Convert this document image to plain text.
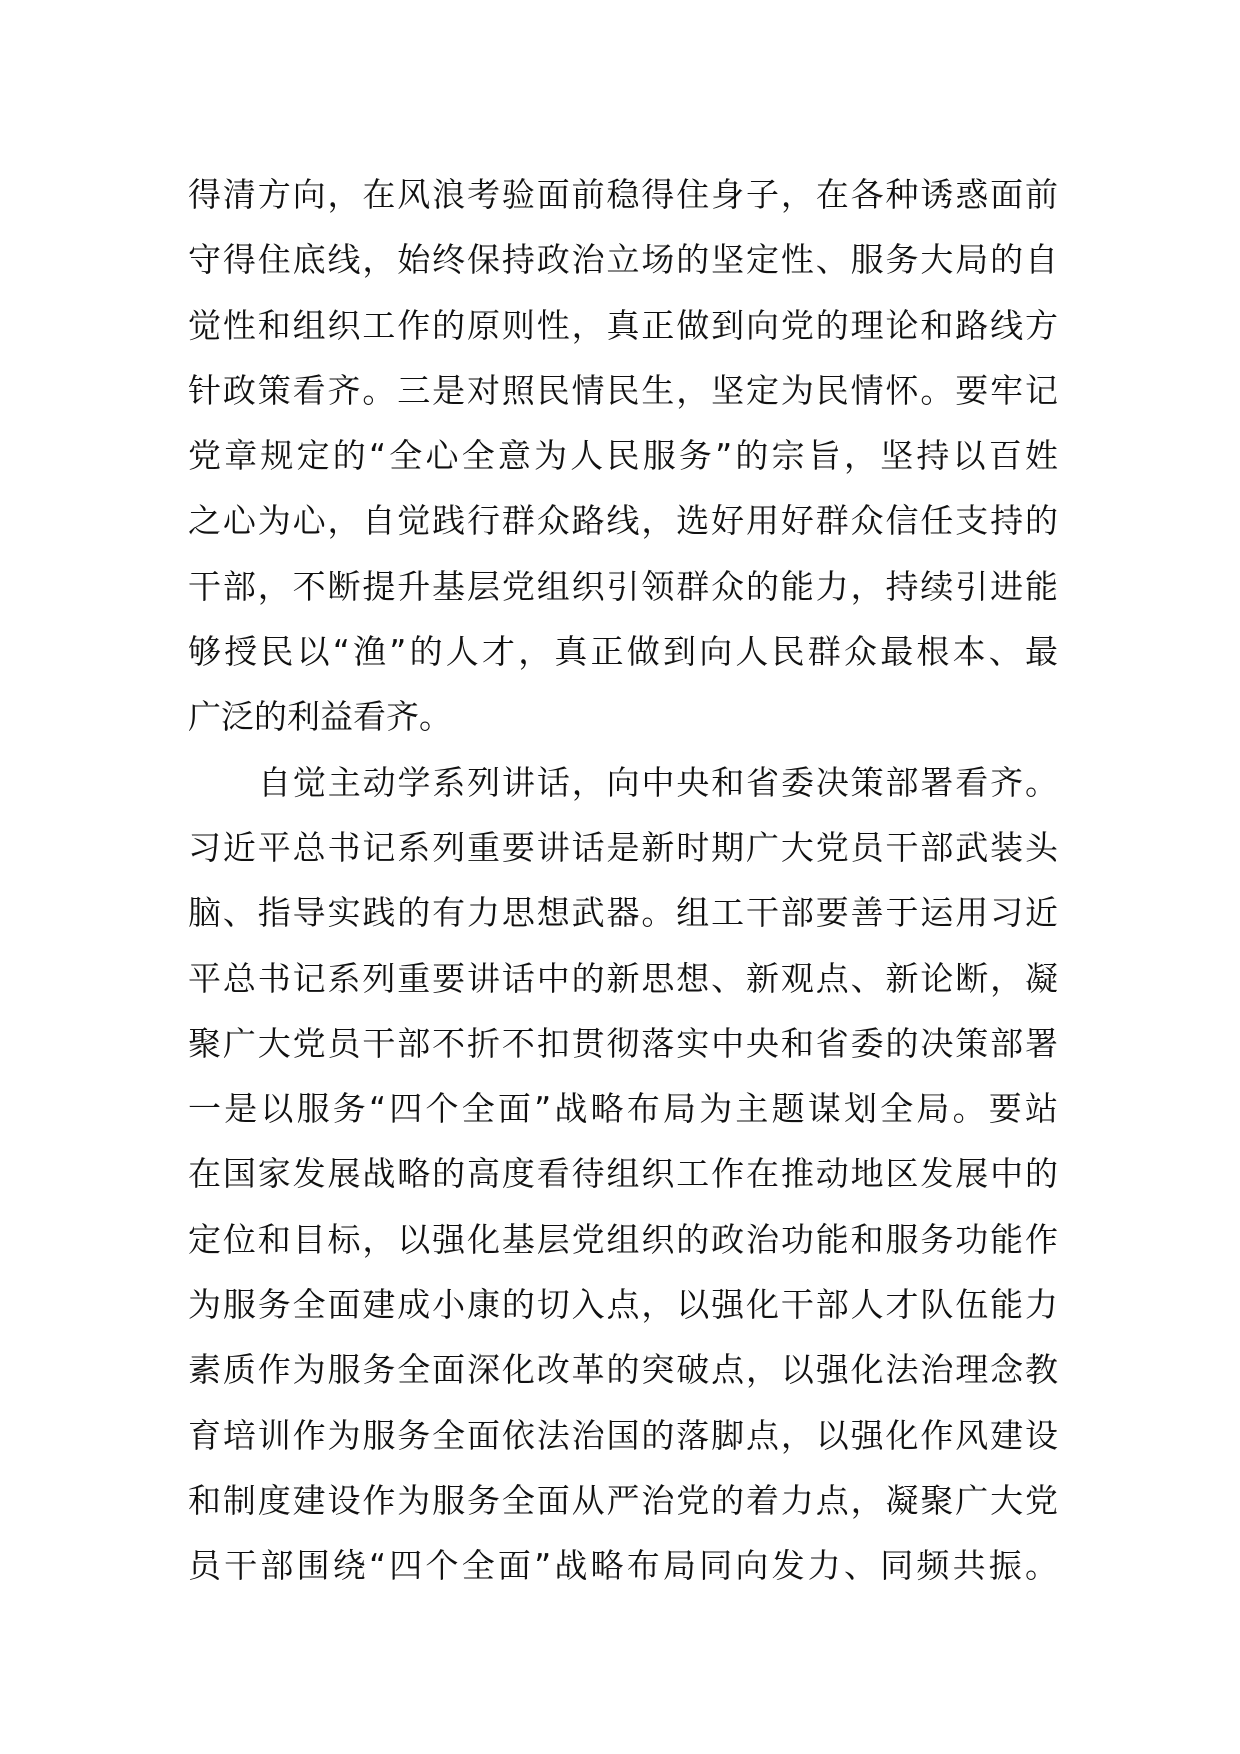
得清方向，在风浪考验面前稳得住身子，在各种诱惑面前
守得住底线，始终保持政治立场的坚定性、服务大局的自
觉性和组织工作的原则性，真正做到向党的理论和路线方
针政策看齐。三是对照民情民生，坚定为民情怀。要牢记
党章规定的“全心全意为人民服务”的宗旨，坚持以百姓
之心为心，自觉践行群众路线，选好用好群众信任支持的
干部，不断提升基层党组织引领群众的能力，持续引进能
够授民以“渔”的人才，真正做到向人民群众最根本、最
广泛的利益看齐。
自觉主动学系列讲话，向中央和省委决策部署看齐。
习近平总书记系列重要讲话是新时期广大党员干部武装头
脑、指导实践的有力思想武器。组工干部要善于运用习近
平总书记系列重要讲话中的新思想、新观点、新论断，凝
聚广大党员干部不折不扣贯彻落实中央和省委的决策部署
一是以服务“四个全面”战略布局为主题谋划全局。要站
在国家发展战略的高度看待组织工作在推动地区发展中的
定位和目标，以强化基层党组织的政治功能和服务功能作
为服务全面建成小康的切入点，以强化干部人才队伍能力
素质作为服务全面深化改革的突破点，以强化法治理念教
育培训作为服务全面依法治国的落脚点，以强化作风建设
和制度建设作为服务全面从严治党的着力点，凝聚广大党
员干部围绕“四个全面”战略布局同向发力、同频共振。
